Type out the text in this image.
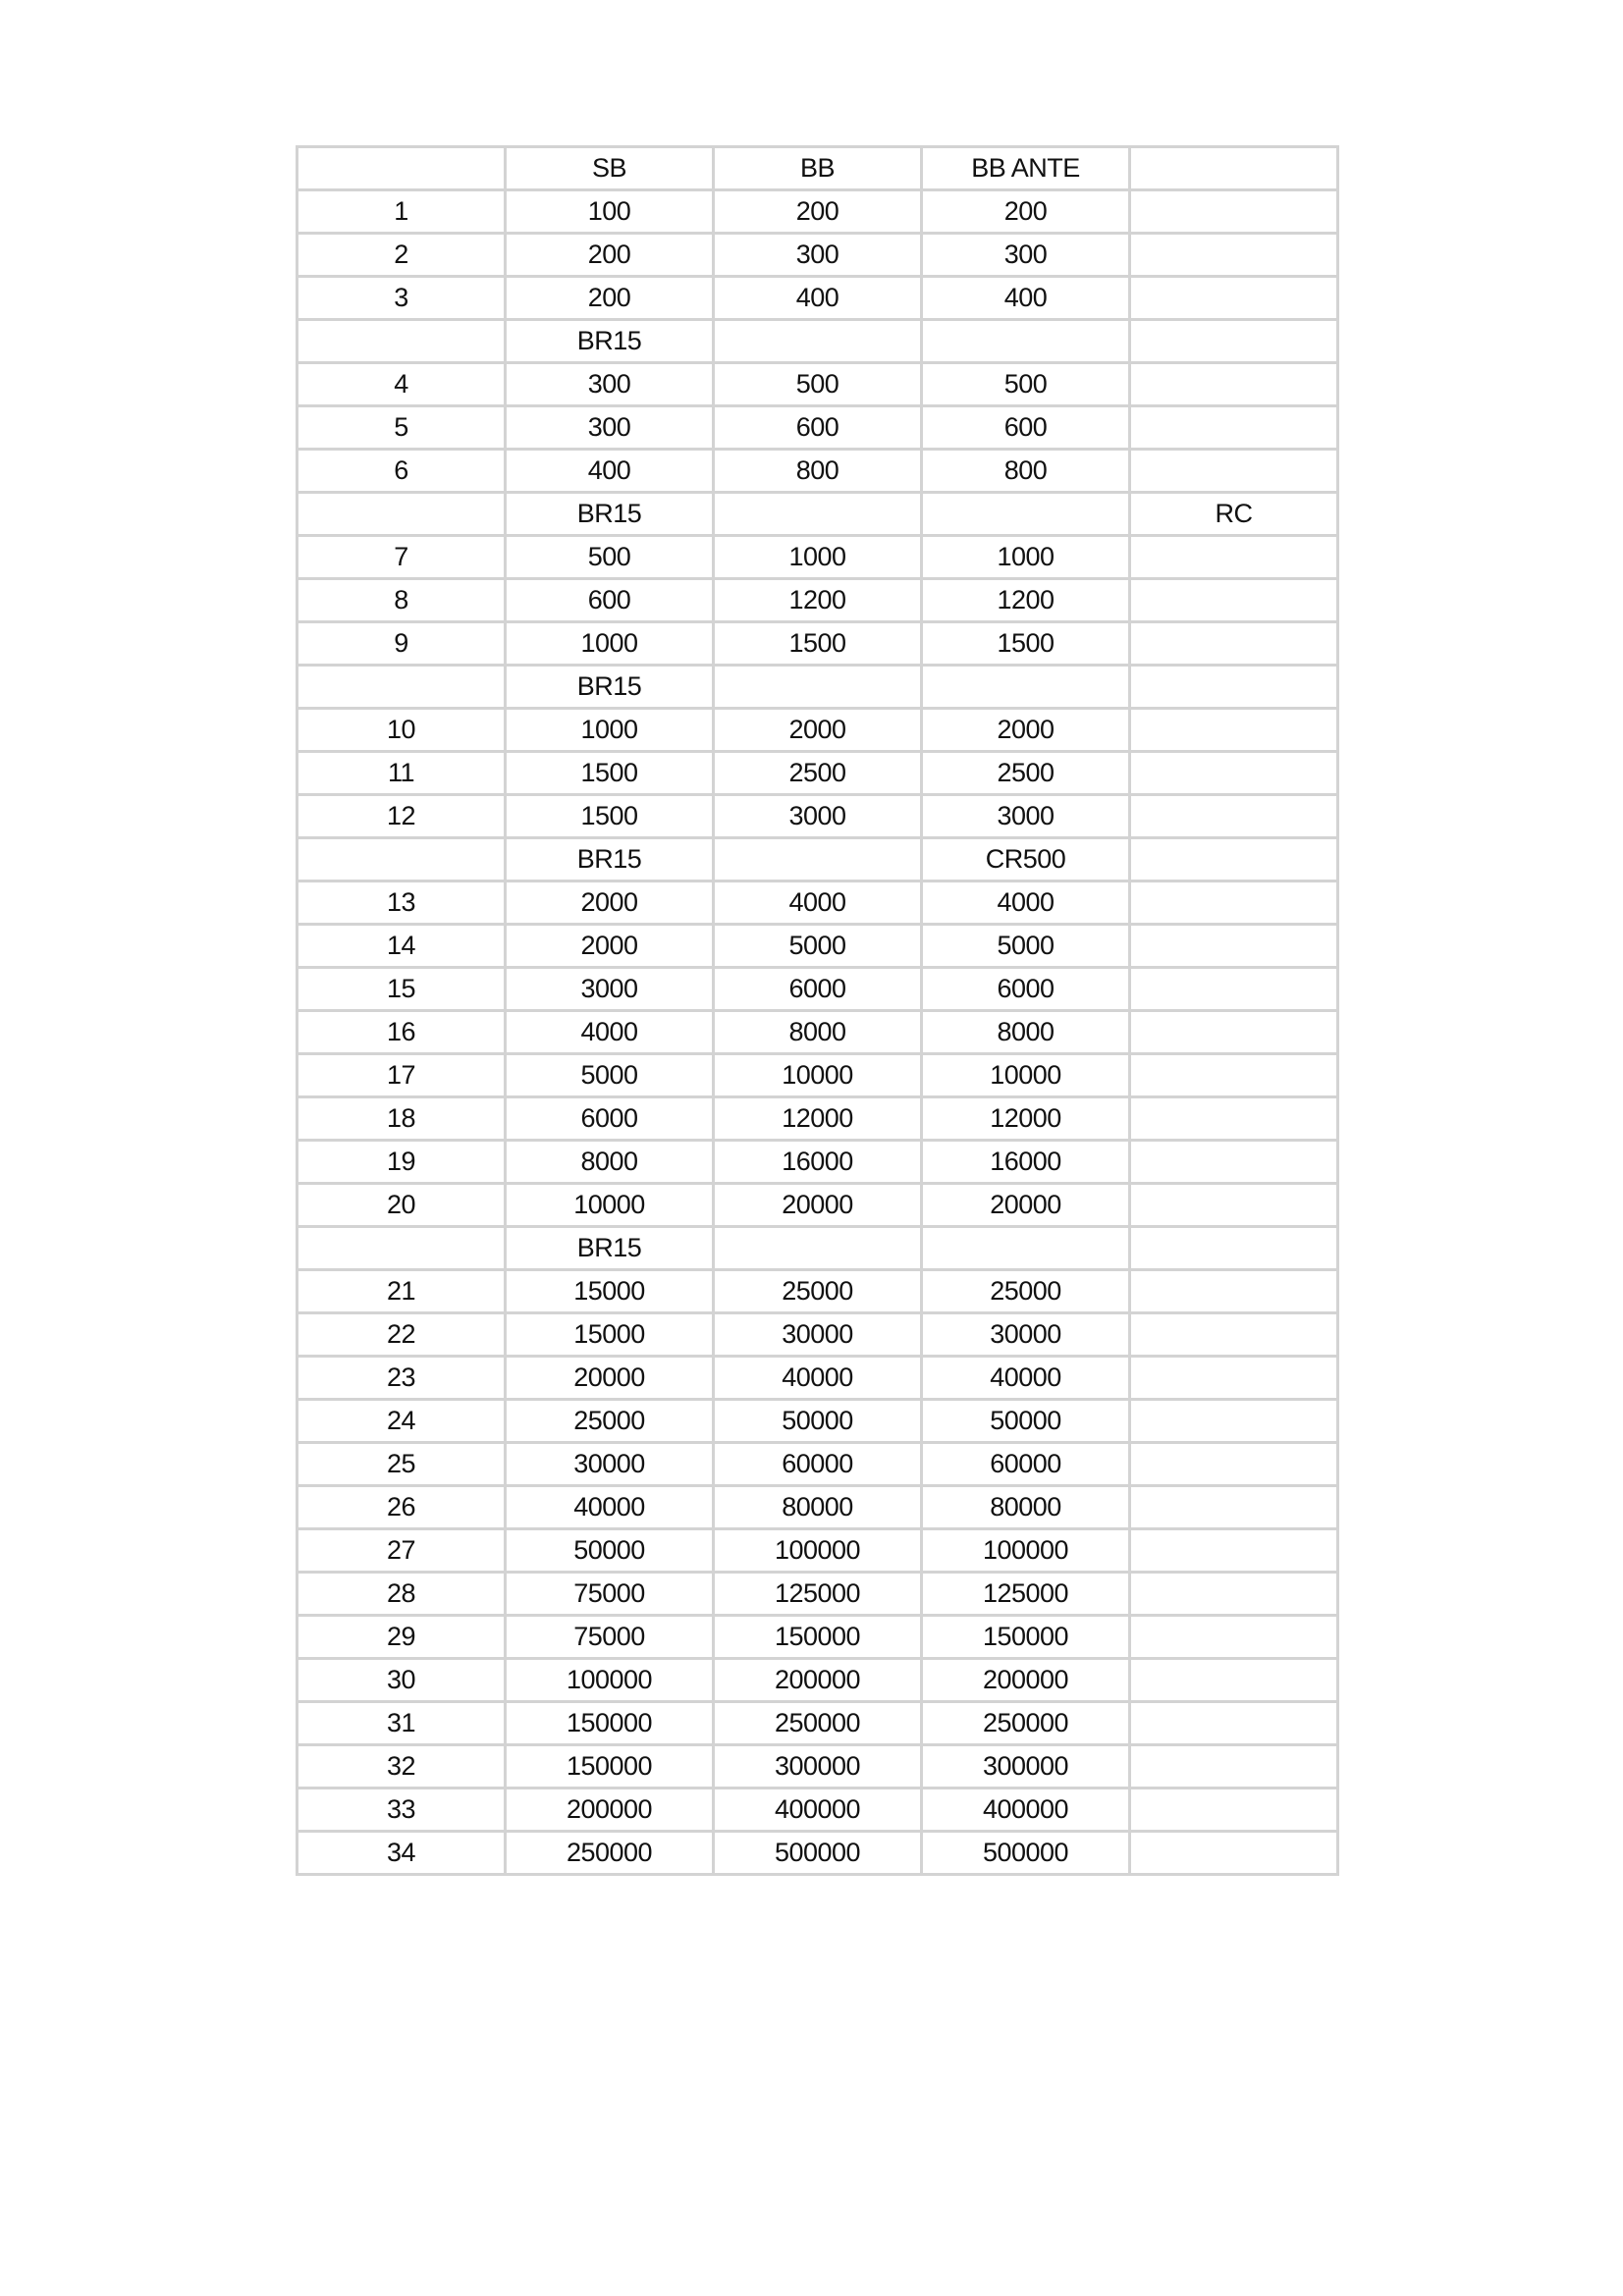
	SB	BB	BB ANTE	
1	100	200	200	
2	200	300	300	
3	200	400	400	
	BR15			
4	300	500	500	
5	300	600	600	
6	400	800	800	
	BR15			RC
7	500	1000	1000	
8	600	1200	1200	
9	1000	1500	1500	
	BR15			
10	1000	2000	2000	
11	1500	2500	2500	
12	1500	3000	3000	
	BR15		CR500	
13	2000	4000	4000	
14	2000	5000	5000	
15	3000	6000	6000	
16	4000	8000	8000	
17	5000	10000	10000	
18	6000	12000	12000	
19	8000	16000	16000	
20	10000	20000	20000	
	BR15			
21	15000	25000	25000	
22	15000	30000	30000	
23	20000	40000	40000	
24	25000	50000	50000	
25	30000	60000	60000	
26	40000	80000	80000	
27	50000	100000	100000	
28	75000	125000	125000	
29	75000	150000	150000	
30	100000	200000	200000	
31	150000	250000	250000	
32	150000	300000	300000	
33	200000	400000	400000	
34	250000	500000	500000	
